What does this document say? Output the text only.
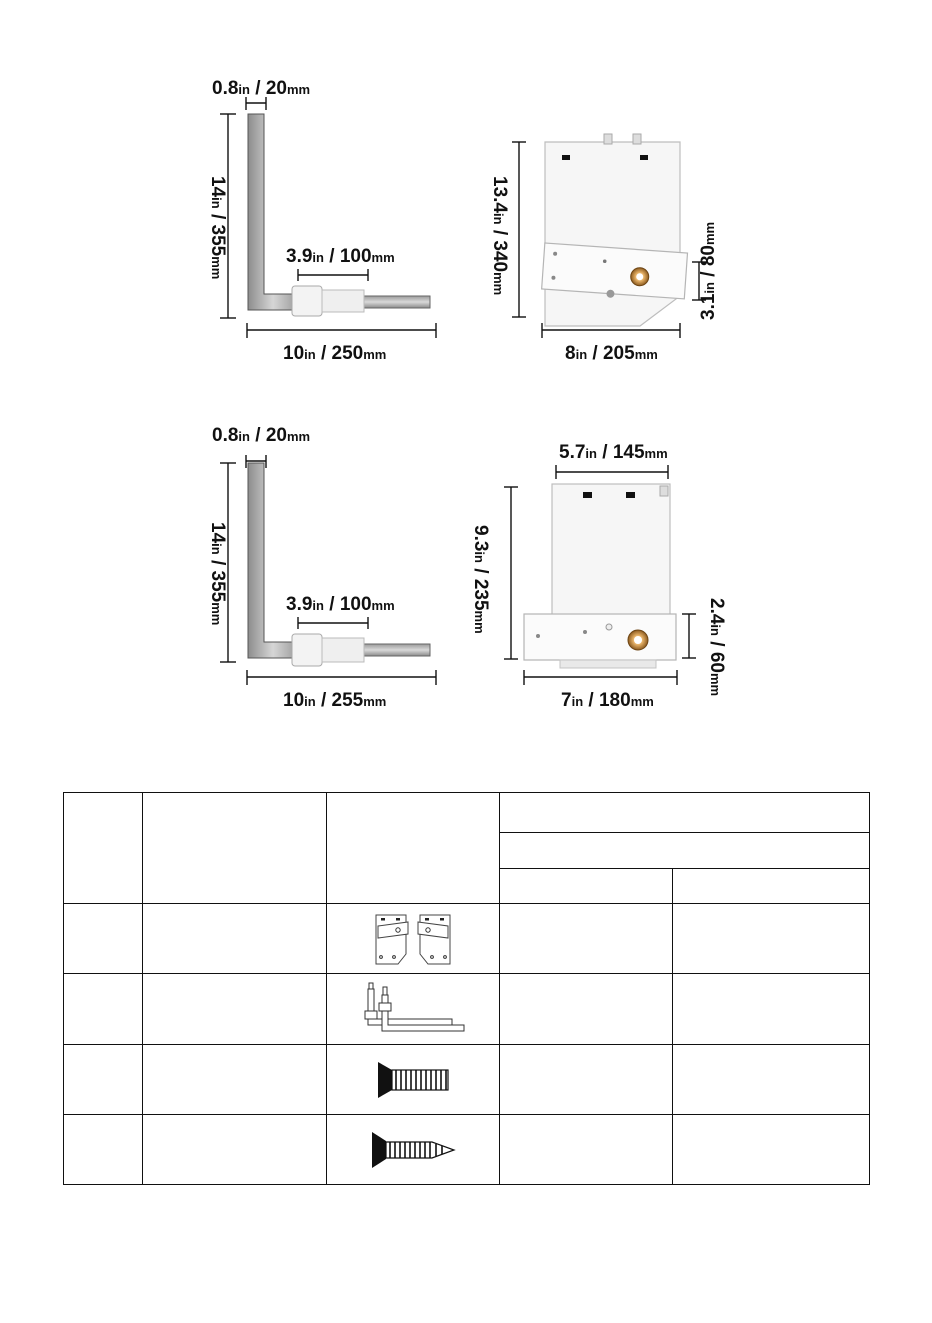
0.8in / 20mm
14in / 355mm	3.9in / 100mm
10in / 250mm
13.4in / 340mm
3.1in / 80mm
8in / 205mm
0.8in / 20mm
14in / 355mm	3.9in / 100mm
10in / 255mm
5.7in / 145mm
9.3in / 235mm	2.4in / 60mm
7in / 180mm
